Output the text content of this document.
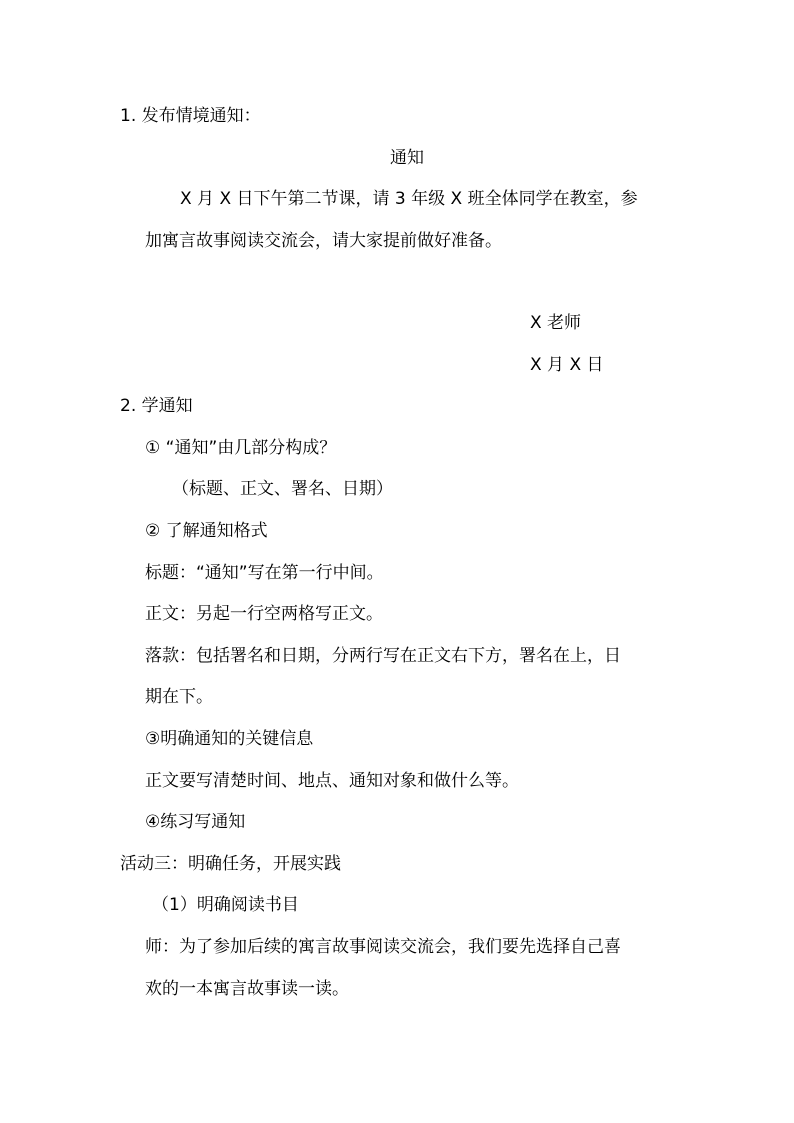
1. 发布情境通知：
通知
X 月 X 日下午第二节课，请 3 年级 X 班全体同学在教室，参
加寓言故事阅读交流会，请大家提前做好准备。
X 老师
X 月 X 日
2. 学通知
① “通知”由几部分构成？
（标题、正文、署名、日期）
② 了解通知格式
标题：“通知”写在第一行中间。
正文：另起一行空两格写正文。
落款：包括署名和日期，分两行写在正文右下方，署名在上，日
期在下。
③明确通知的关键信息
正文要写清楚时间、地点、通知对象和做什么等。
④练习写通知
活动三：明确任务，开展实践
（1）明确阅读书目
师：为了参加后续的寓言故事阅读交流会，我们要先选择自己喜
欢的一本寓言故事读一读。
